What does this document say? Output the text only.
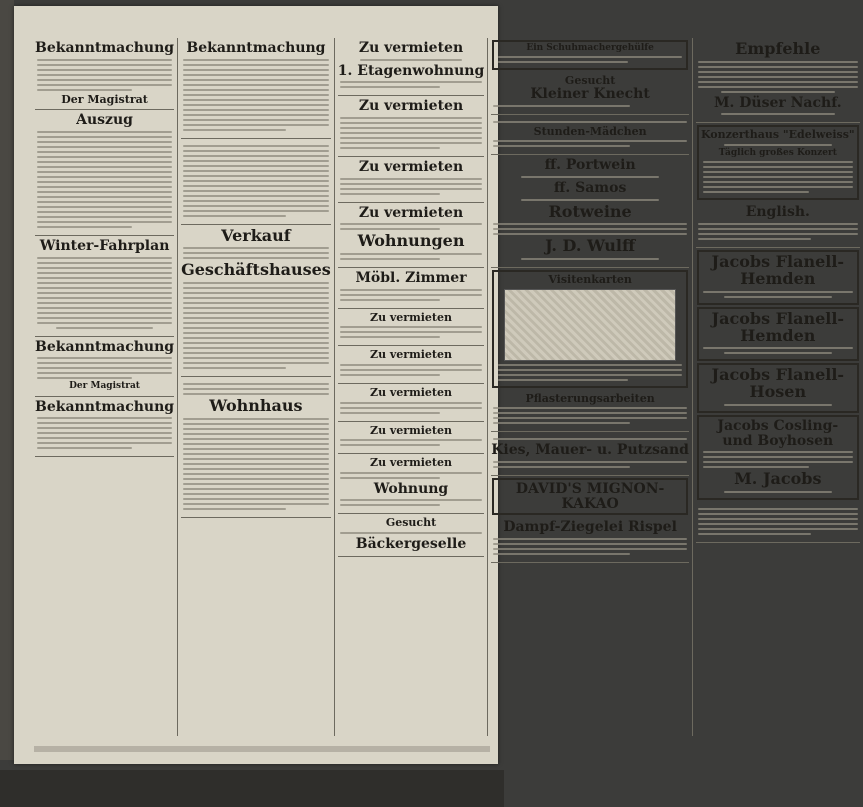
Bekanntmachung
Der Magistrat
Auszug
Winter-Fahrplan
Bekanntmachung
Der Magistrat
Bekanntmachung
Bekanntmachung
Verkauf
Geschäftshauses
Wohnhaus
Zu vermieten
1. Etagenwohnung
Zu vermieten
Zu vermieten
Zu vermieten
Wohnungen
Möbl. Zimmer
Zu vermieten
Zu vermieten
Zu vermieten
Zu vermieten
Zu vermieten
Wohnung
Gesucht
Bäckergeselle
Ein Schuhmachergehülfe
Gesucht
Kleiner Knecht
Stunden-Mädchen
ff. Portwein
ff. Samos
Rotweine
J. D. Wulff
Visitenkarten
Pflasterungsarbeiten
Kies, Mauer- u. Putzsand
DAVID'S MIGNON-KAKAO
Dampf-Ziegelei Rispel
Empfehle
M. Düser Nachf.
Konzerthaus "Edelweiss"
Täglich großes Konzert
English.
Jacobs Flanell-Hemden
Jacobs Flanell-Hemden
Jacobs Flanell-Hosen
Jacobs Cosling- und Boyhosen
M. Jacobs
